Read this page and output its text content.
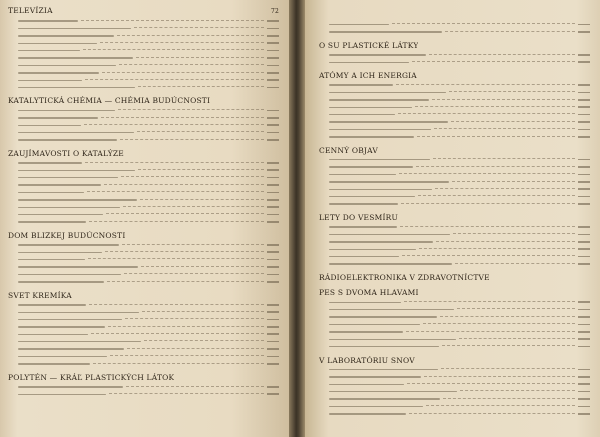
TELEVÍZIA	72
KATALYTICKÁ CHÉMIA — CHÉMIA BUDÚCNOSTI
ZAUJÍMAVOSTI O KATALÝZE
DOM BLIZKEJ BUDÚCNOSTI
SVET KREMÍKA
POLYTÉN — KRÁĽ PLASTICKÝCH LÁTOK
O SU PLASTICKÉ LÁTKY
ATÓMY A ICH ENERGIA
CENNÝ OBJAV
LETY DO VESMÍRU
RÁDIOELEKTRONIKA V ZDRAVOTNÍCTVE
PES S DVOMA HLAVAMI
V LABORATÓRIU SNOV
